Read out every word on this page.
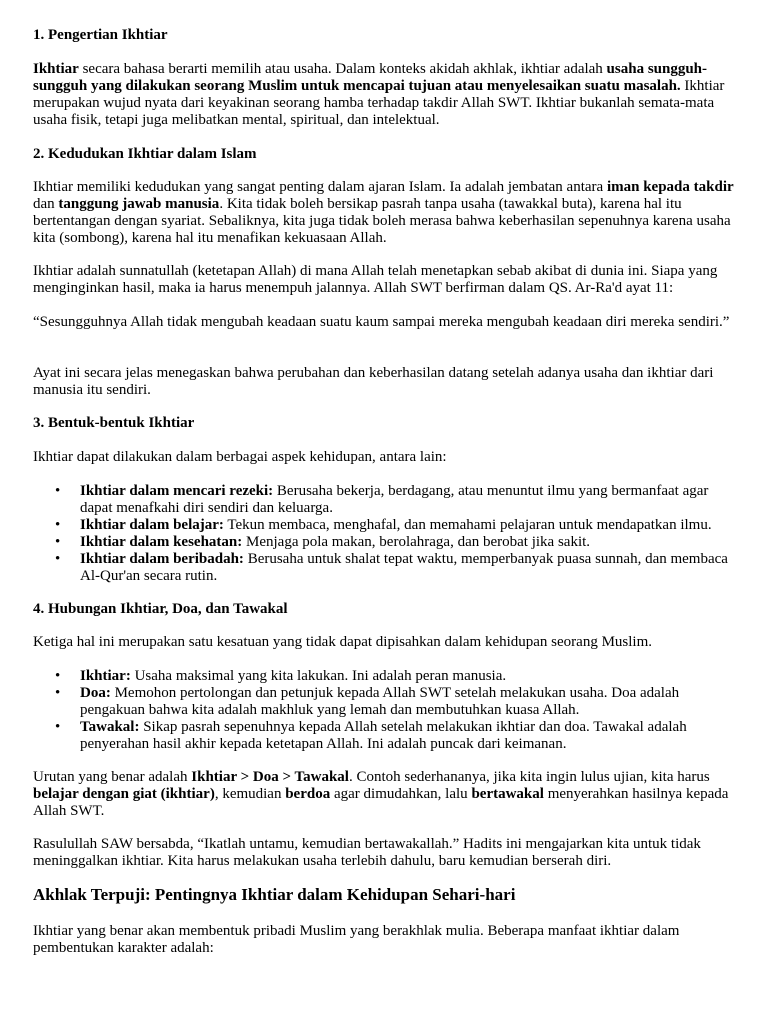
1. Pengertian Ikhtiar

Ikhtiar secara bahasa berarti memilih atau usaha. Dalam konteks akidah akhlak, ikhtiar adalah usaha sungguh-sungguh yang dilakukan seorang Muslim untuk mencapai tujuan atau menyelesaikan suatu masalah. Ikhtiar merupakan wujud nyata dari keyakinan seorang hamba terhadap takdir Allah SWT. Ikhtiar bukanlah semata-mata usaha fisik, tetapi juga melibatkan mental, spiritual, dan intelektual.

2. Kedudukan Ikhtiar dalam Islam

Ikhtiar memiliki kedudukan yang sangat penting dalam ajaran Islam. Ia adalah jembatan antara iman kepada takdir dan tanggung jawab manusia. Kita tidak boleh bersikap pasrah tanpa usaha (tawakkal buta), karena hal itu bertentangan dengan syariat. Sebaliknya, kita juga tidak boleh merasa bahwa keberhasilan sepenuhnya karena usaha kita (sombong), karena hal itu menafikan kekuasaan Allah.

Ikhtiar adalah sunnatullah (ketetapan Allah) di mana Allah telah menetapkan sebab akibat di dunia ini. Siapa yang menginginkan hasil, maka ia harus menempuh jalannya. Allah SWT berfirman dalam QS. Ar-Ra'd ayat 11:

“Sesungguhnya Allah tidak mengubah keadaan suatu kaum sampai mereka mengubah keadaan diri mereka sendiri.”

Ayat ini secara jelas menegaskan bahwa perubahan dan keberhasilan datang setelah adanya usaha dan ikhtiar dari manusia itu sendiri.

3. Bentuk-bentuk Ikhtiar

Ikhtiar dapat dilakukan dalam berbagai aspek kehidupan, antara lain:

• Ikhtiar dalam mencari rezeki: Berusaha bekerja, berdagang, atau menuntut ilmu yang bermanfaat agar dapat menafkahi diri sendiri dan keluarga.
• Ikhtiar dalam belajar: Tekun membaca, menghafal, dan memahami pelajaran untuk mendapatkan ilmu.
• Ikhtiar dalam kesehatan: Menjaga pola makan, berolahraga, dan berobat jika sakit.
• Ikhtiar dalam beribadah: Berusaha untuk shalat tepat waktu, memperbanyak puasa sunnah, dan membaca Al-Qur'an secara rutin.

4. Hubungan Ikhtiar, Doa, dan Tawakal

Ketiga hal ini merupakan satu kesatuan yang tidak dapat dipisahkan dalam kehidupan seorang Muslim.

• Ikhtiar: Usaha maksimal yang kita lakukan. Ini adalah peran manusia.
• Doa: Memohon pertolongan dan petunjuk kepada Allah SWT setelah melakukan usaha. Doa adalah pengakuan bahwa kita adalah makhluk yang lemah dan membutuhkan kuasa Allah.
• Tawakal: Sikap pasrah sepenuhnya kepada Allah setelah melakukan ikhtiar dan doa. Tawakal adalah penyerahan hasil akhir kepada ketetapan Allah. Ini adalah puncak dari keimanan.

Urutan yang benar adalah Ikhtiar > Doa > Tawakal. Contoh sederhananya, jika kita ingin lulus ujian, kita harus belajar dengan giat (ikhtiar), kemudian berdoa agar dimudahkan, lalu bertawakal menyerahkan hasilnya kepada Allah SWT.

Rasulullah SAW bersabda, “Ikatlah untamu, kemudian bertawakallah.” Hadits ini mengajarkan kita untuk tidak meninggalkan ikhtiar. Kita harus melakukan usaha terlebih dahulu, baru kemudian berserah diri.

Akhlak Terpuji: Pentingnya Ikhtiar dalam Kehidupan Sehari-hari

Ikhtiar yang benar akan membentuk pribadi Muslim yang berakhlak mulia. Beberapa manfaat ikhtiar dalam pembentukan karakter adalah:
